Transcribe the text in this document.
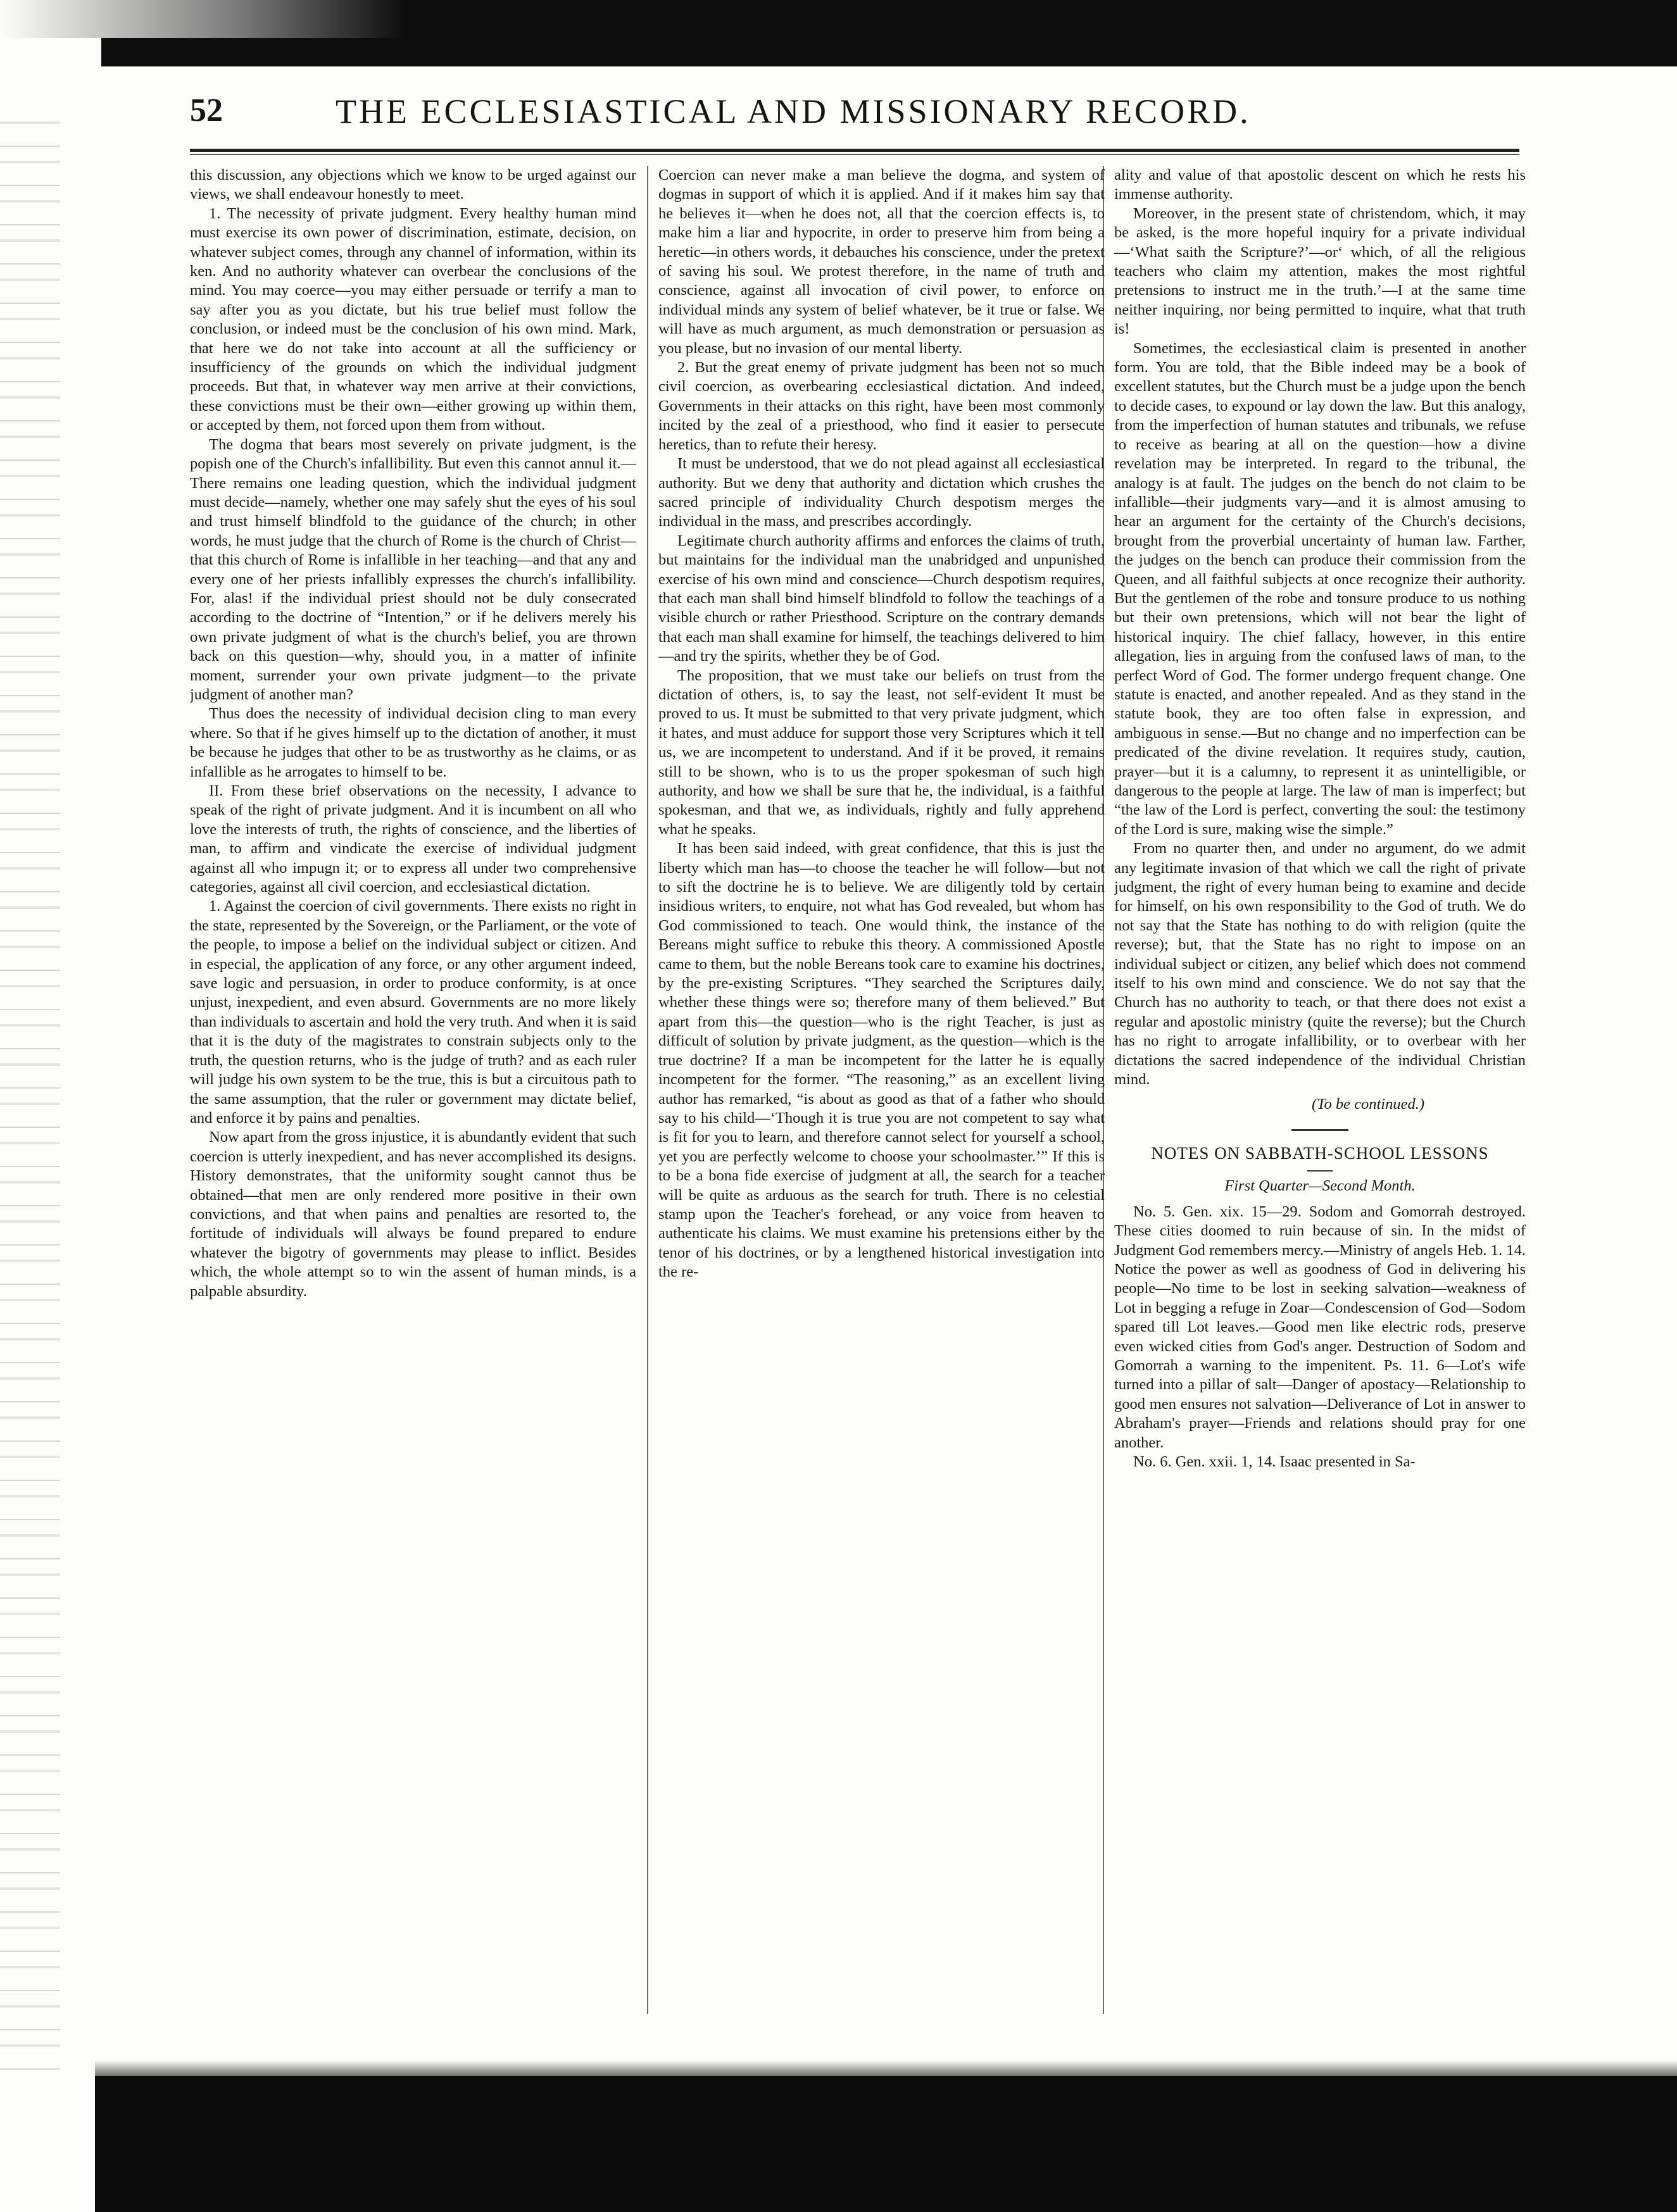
52	THE ECCLESIASTICAL AND MISSIONARY RECORD.

this discussion, any objections which we know to be urged against our views, we shall endeavour honestly to meet.

1. The necessity of private judgment. Every healthy human mind must exercise its own power of discrimination, estimate, decision, on whatever subject comes, through any channel of information, within its ken. And no authority whatever can overbear the conclusions of the mind. You may coerce—you may either persuade or terrify a man to say after you as you dictate, but his true belief must follow the conclusion, or indeed must be the conclusion of his own mind. Mark, that here we do not take into account at all the sufficiency or insufficiency of the grounds on which the individual judgment proceeds. But that, in whatever way men arrive at their convictions, these convictions must be their own—either growing up within them, or accepted by them, not forced upon them from without.

The dogma that bears most severely on private judgment, is the popish one of the Church's infallibility. But even this cannot annul it.—There remains one leading question, which the individual judgment must decide—namely, whether one may safely shut the eyes of his soul and trust himself blindfold to the guidance of the church; in other words, he must judge that the church of Rome is the church of Christ—that this church of Rome is infallible in her teaching—and that any and every one of her priests infallibly expresses the church's infallibility. For, alas! if the individual priest should not be duly consecrated according to the doctrine of “Intention,” or if he delivers merely his own private judgment of what is the church's belief, you are thrown back on this question—why, should you, in a matter of infinite moment, surrender your own private judgment—to the private judgment of another man?

Thus does the necessity of individual decision cling to man every where. So that if he gives himself up to the dictation of another, it must be because he judges that other to be as trustworthy as he claims, or as infallible as he arrogates to himself to be.

II. From these brief observations on the necessity, I advance to speak of the right of private judgment. And it is incumbent on all who love the interests of truth, the rights of conscience, and the liberties of man, to affirm and vindicate the exercise of individual judgment against all who impugn it; or to express all under two comprehensive categories, against all civil coercion, and ecclesiastical dictation.

1. Against the coercion of civil governments. There exists no right in the state, represented by the Sovereign, or the Parliament, or the vote of the people, to impose a belief on the individual subject or citizen. And in especial, the application of any force, or any other argument indeed, save logic and persuasion, in order to produce conformity, is at once unjust, inexpedient, and even absurd. Governments are no more likely than individuals to ascertain and hold the very truth. And when it is said that it is the duty of the magistrates to constrain subjects only to the truth, the question returns, who is the judge of truth? and as each ruler will judge his own system to be the true, this is but a circuitous path to the same assumption, that the ruler or government may dictate belief, and enforce it by pains and penalties.

Now apart from the gross injustice, it is abundantly evident that such coercion is utterly inexpedient, and has never accomplished its designs. History demonstrates, that the uniformity sought cannot thus be obtained—that men are only rendered more positive in their own convictions, and that when pains and penalties are resorted to, the fortitude of individuals will always be found prepared to endure whatever the bigotry of governments may please to inflict. Besides which, the whole attempt so to win the assent of human minds, is a palpable absurdity.

Coercion can never make a man believe the dogma, and system of dogmas in support of which it is applied. And if it makes him say that he believes it—when he does not, all that the coercion effects is, to make him a liar and hypocrite, in order to preserve him from being a heretic—in others words, it debauches his conscience, under the pretext of saving his soul. We protest therefore, in the name of truth and conscience, against all invocation of civil power, to enforce on individual minds any system of belief whatever, be it true or false. We will have as much argument, as much demonstration or persuasion as you please, but no invasion of our mental liberty.

2. But the great enemy of private judgment has been not so much civil coercion, as overbearing ecclesiastical dictation. And indeed, Governments in their attacks on this right, have been most commonly incited by the zeal of a priesthood, who find it easier to persecute heretics, than to refute their heresy.

It must be understood, that we do not plead against all ecclesiastical authority. But we deny that authority and dictation which crushes the sacred principle of individuality Church despotism merges the individual in the mass, and prescribes accordingly.

Legitimate church authority affirms and enforces the claims of truth, but maintains for the individual man the unabridged and unpunished exercise of his own mind and conscience—Church despotism requires, that each man shall bind himself blindfold to follow the teachings of a visible church or rather Priesthood. Scripture on the contrary demands that each man shall examine for himself, the teachings delivered to him—and try the spirits, whether they be of God.

The proposition, that we must take our beliefs on trust from the dictation of others, is, to say the least, not self-evident It must be proved to us. It must be submitted to that very private judgment, which it hates, and must adduce for support those very Scriptures which it tell us, we are incompetent to understand. And if it be proved, it remains still to be shown, who is to us the proper spokesman of such high authority, and how we shall be sure that he, the individual, is a faithful spokesman, and that we, as individuals, rightly and fully apprehend what he speaks.

It has been said indeed, with great confidence, that this is just the liberty which man has—to choose the teacher he will follow—but not to sift the doctrine he is to believe. We are diligently told by certain insidious writers, to enquire, not what has God revealed, but whom has God commissioned to teach. One would think, the instance of the Bereans might suffice to rebuke this theory. A commissioned Apostle came to them, but the noble Bereans took care to examine his doctrines, by the pre-existing Scriptures. “They searched the Scriptures daily, whether these things were so; therefore many of them believed.” But apart from this—the question—who is the right Teacher, is just as difficult of solution by private judgment, as the question—which is the true doctrine? If a man be incompetent for the latter he is equally incompetent for the former. “The reasoning,” as an excellent living author has remarked, “is about as good as that of a father who should say to his child—‘Though it is true you are not competent to say what is fit for you to learn, and therefore cannot select for yourself a school, yet you are perfectly welcome to choose your schoolmaster.’” If this is to be a bona fide exercise of judgment at all, the search for a teacher will be quite as arduous as the search for truth. There is no celestial stamp upon the Teacher's forehead, or any voice from heaven to authenticate his claims. We must examine his pretensions either by the tenor of his doctrines, or by a lengthened historical investigation into the re-

ality and value of that apostolic descent on which he rests his immense authority.

Moreover, in the present state of christendom, which, it may be asked, is the more hopeful inquiry for a private individual—‘What saith the Scripture?’—or‘ which, of all the religious teachers who claim my attention, makes the most rightful pretensions to instruct me in the truth.’—I at the same time neither inquiring, nor being permitted to inquire, what that truth is!

Sometimes, the ecclesiastical claim is presented in another form. You are told, that the Bible indeed may be a book of excellent statutes, but the Church must be a judge upon the bench to decide cases, to expound or lay down the law. But this analogy, from the imperfection of human statutes and tribunals, we refuse to receive as bearing at all on the question—how a divine revelation may be interpreted. In regard to the tribunal, the analogy is at fault. The judges on the bench do not claim to be infallible—their judgments vary—and it is almost amusing to hear an argument for the certainty of the Church's decisions, brought from the proverbial uncertainty of human law. Farther, the judges on the bench can produce their commission from the Queen, and all faithful subjects at once recognize their authority. But the gentlemen of the robe and tonsure produce to us nothing but their own pretensions, which will not bear the light of historical inquiry. The chief fallacy, however, in this entire allegation, lies in arguing from the confused laws of man, to the perfect Word of God. The former undergo frequent change. One statute is enacted, and another repealed. And as they stand in the statute book, they are too often false in expression, and ambiguous in sense.—But no change and no imperfection can be predicated of the divine revelation. It requires study, caution, prayer—but it is a calumny, to represent it as unintelligible, or dangerous to the people at large. The law of man is imperfect; but “the law of the Lord is perfect, converting the soul: the testimony of the Lord is sure, making wise the simple.”

From no quarter then, and under no argument, do we admit any legitimate invasion of that which we call the right of private judgment, the right of every human being to examine and decide for himself, on his own responsibility to the God of truth. We do not say that the State has nothing to do with religion (quite the reverse); but, that the State has no right to impose on an individual subject or citizen, any belief which does not commend itself to his own mind and conscience. We do not say that the Church has no authority to teach, or that there does not exist a regular and apostolic ministry (quite the reverse); but the Church has no right to arrogate infallibility, or to overbear with her dictations the sacred independence of the individual Christian mind.

(To be continued.)
NOTES ON SABBATH-SCHOOL LESSONS
First Quarter—Second Month.

No. 5. Gen. xix. 15—29. Sodom and Gomorrah destroyed. These cities doomed to ruin because of sin. In the midst of Judgment God remembers mercy.—Ministry of angels Heb. 1. 14. Notice the power as well as goodness of God in delivering his people—No time to be lost in seeking salvation—weakness of Lot in begging a refuge in Zoar—Condescension of God—Sodom spared till Lot leaves.—Good men like electric rods, preserve even wicked cities from God's anger. Destruction of Sodom and Gomorrah a warning to the impenitent. Ps. 11. 6—Lot's wife turned into a pillar of salt—Danger of apostacy—Relationship to good men ensures not salvation—Deliverance of Lot in answer to Abraham's prayer—Friends and relations should pray for one another.

No. 6. Gen. xxii. 1, 14. Isaac presented in Sa-
